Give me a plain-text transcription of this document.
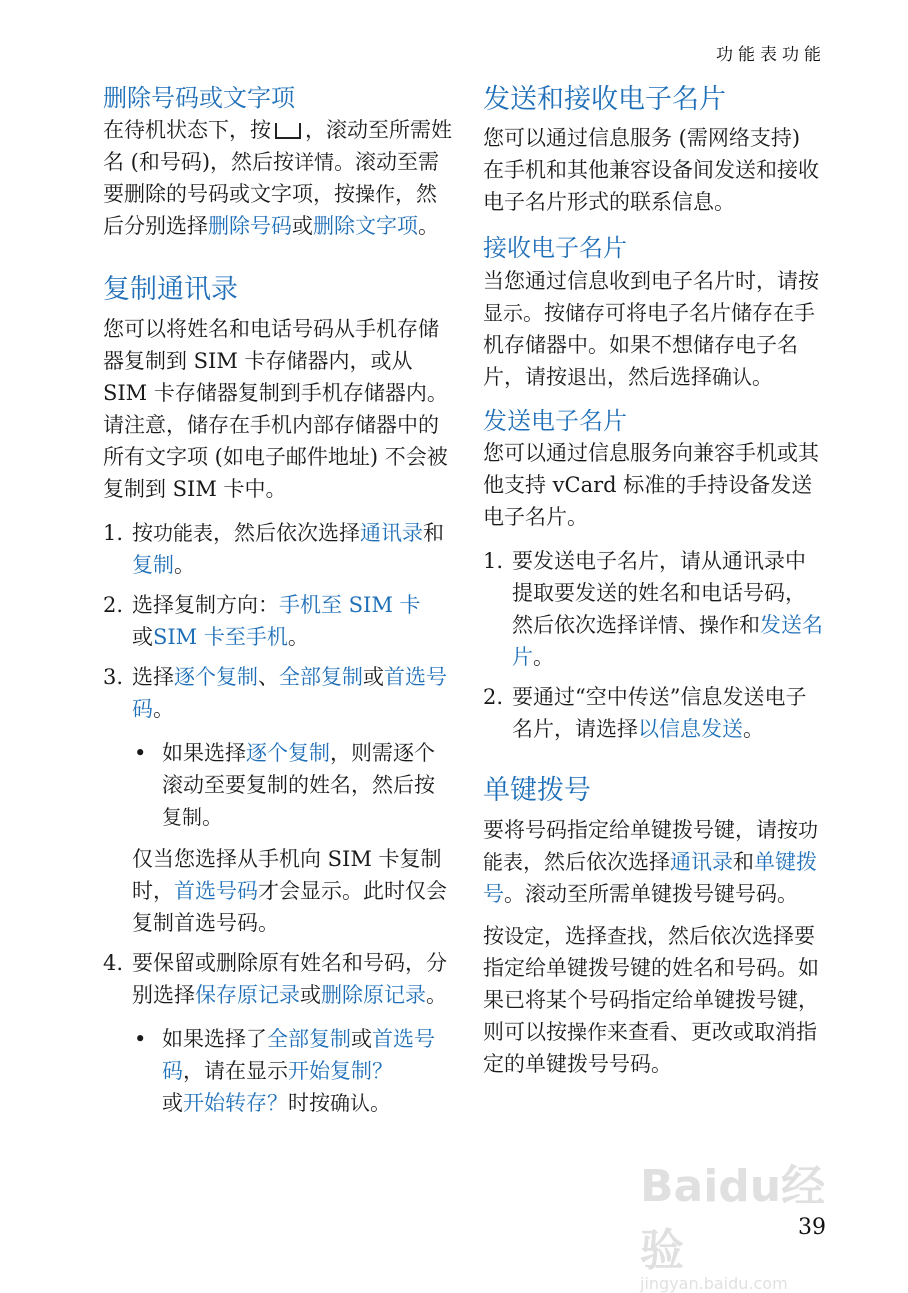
功能表功能
删除号码或文字项

在待机状态下，按 ，滚动至所需姓名 (和号码)，然后按详情。滚动至需要删除的号码或文字项，按操作，然后分别选择删除号码或删除文字项。

复制通讯录

您可以将姓名和电话号码从手机存储器复制到 SIM 卡存储器内，或从 SIM 卡存储器复制到手机存储器内。请注意，储存在手机内部存储器中的所有文字项 (如电子邮件地址) 不会被复制到 SIM 卡中。

1. 按功能表，然后依次选择通讯录和复制。
2. 选择复制方向：手机至 SIM 卡
或SIM 卡至手机。
3. 选择逐个复制、全部复制或首选号码。
• 如果选择逐个复制，则需逐个滚动至要复制的姓名，然后按复制。

仅当您选择从手机向 SIM 卡复制时，首选号码才会显示。此时仅会复制首选号码。

4. 要保留或删除原有姓名和号码，分别选择保存原记录或删除原记录。
• 如果选择了全部复制或首选号码，请在显示开始复制？
或开始转存？时按确认。
发送和接收电子名片

您可以通过信息服务 (需网络支持) 在手机和其他兼容设备间发送和接收电子名片形式的联系信息。

接收电子名片

当您通过信息收到电子名片时，请按显示。按储存可将电子名片储存在手机存储器中。如果不想储存电子名片，请按退出，然后选择确认。

发送电子名片

您可以通过信息服务向兼容手机或其他支持 vCard 标准的手持设备发送电子名片。

1. 要发送电子名片，请从通讯录中提取要发送的姓名和电话号码，然后依次选择详情、操作和发送名片。
2. 要通过“空中传送”信息发送电子名片，请选择以信息发送。
单键拨号

要将号码指定给单键拨号键，请按功能表，然后依次选择通讯录和单键拨号。滚动至所需单键拨号键号码。

按设定，选择查找，然后依次选择要指定给单键拨号键的姓名和号码。如果已将某个号码指定给单键拨号键，则可以按操作来查看、更改或取消指定的单键拨号号码。

Baidu经验
jingyan.baidu.com
39
